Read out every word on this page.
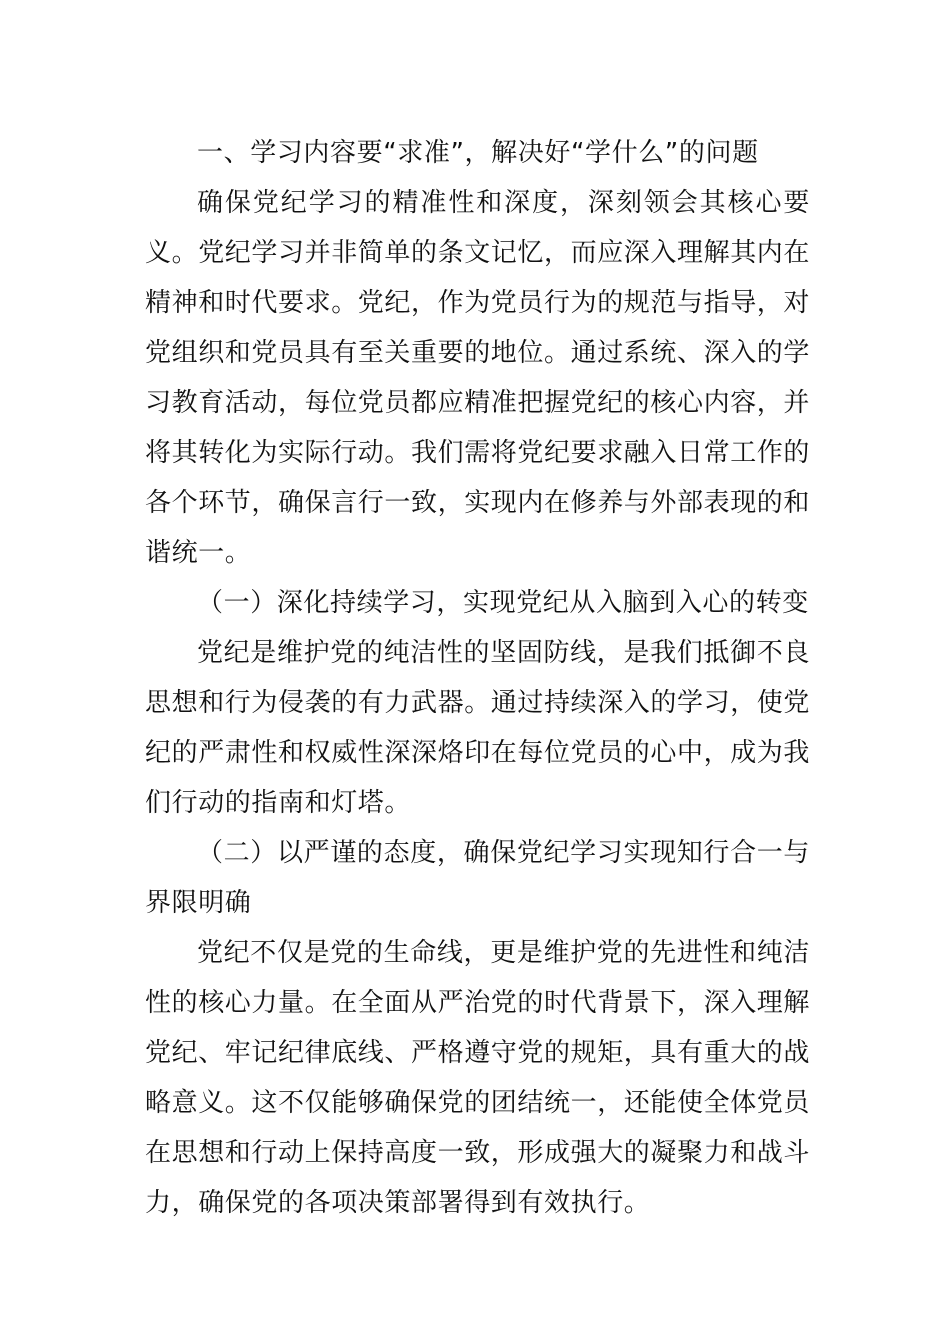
一、学习内容要“求准”，解决好“学什么”的问题

确保党纪学习的精准性和深度，深刻领会其核心要义。党纪学习并非简单的条文记忆，而应深入理解其内在精神和时代要求。党纪，作为党员行为的规范与指导，对党组织和党员具有至关重要的地位。通过系统、深入的学习教育活动，每位党员都应精准把握党纪的核心内容，并将其转化为实际行动。我们需将党纪要求融入日常工作的各个环节，确保言行一致，实现内在修养与外部表现的和谐统一。

（一）深化持续学习，实现党纪从入脑到入心的转变

党纪是维护党的纯洁性的坚固防线，是我们抵御不良思想和行为侵袭的有力武器。通过持续深入的学习，使党纪的严肃性和权威性深深烙印在每位党员的心中，成为我们行动的指南和灯塔。

（二）以严谨的态度，确保党纪学习实现知行合一与界限明确

党纪不仅是党的生命线，更是维护党的先进性和纯洁性的核心力量。在全面从严治党的时代背景下，深入理解党纪、牢记纪律底线、严格遵守党的规矩，具有重大的战略意义。这不仅能够确保党的团结统一，还能使全体党员在思想和行动上保持高度一致，形成强大的凝聚力和战斗力，确保党的各项决策部署得到有效执行。
